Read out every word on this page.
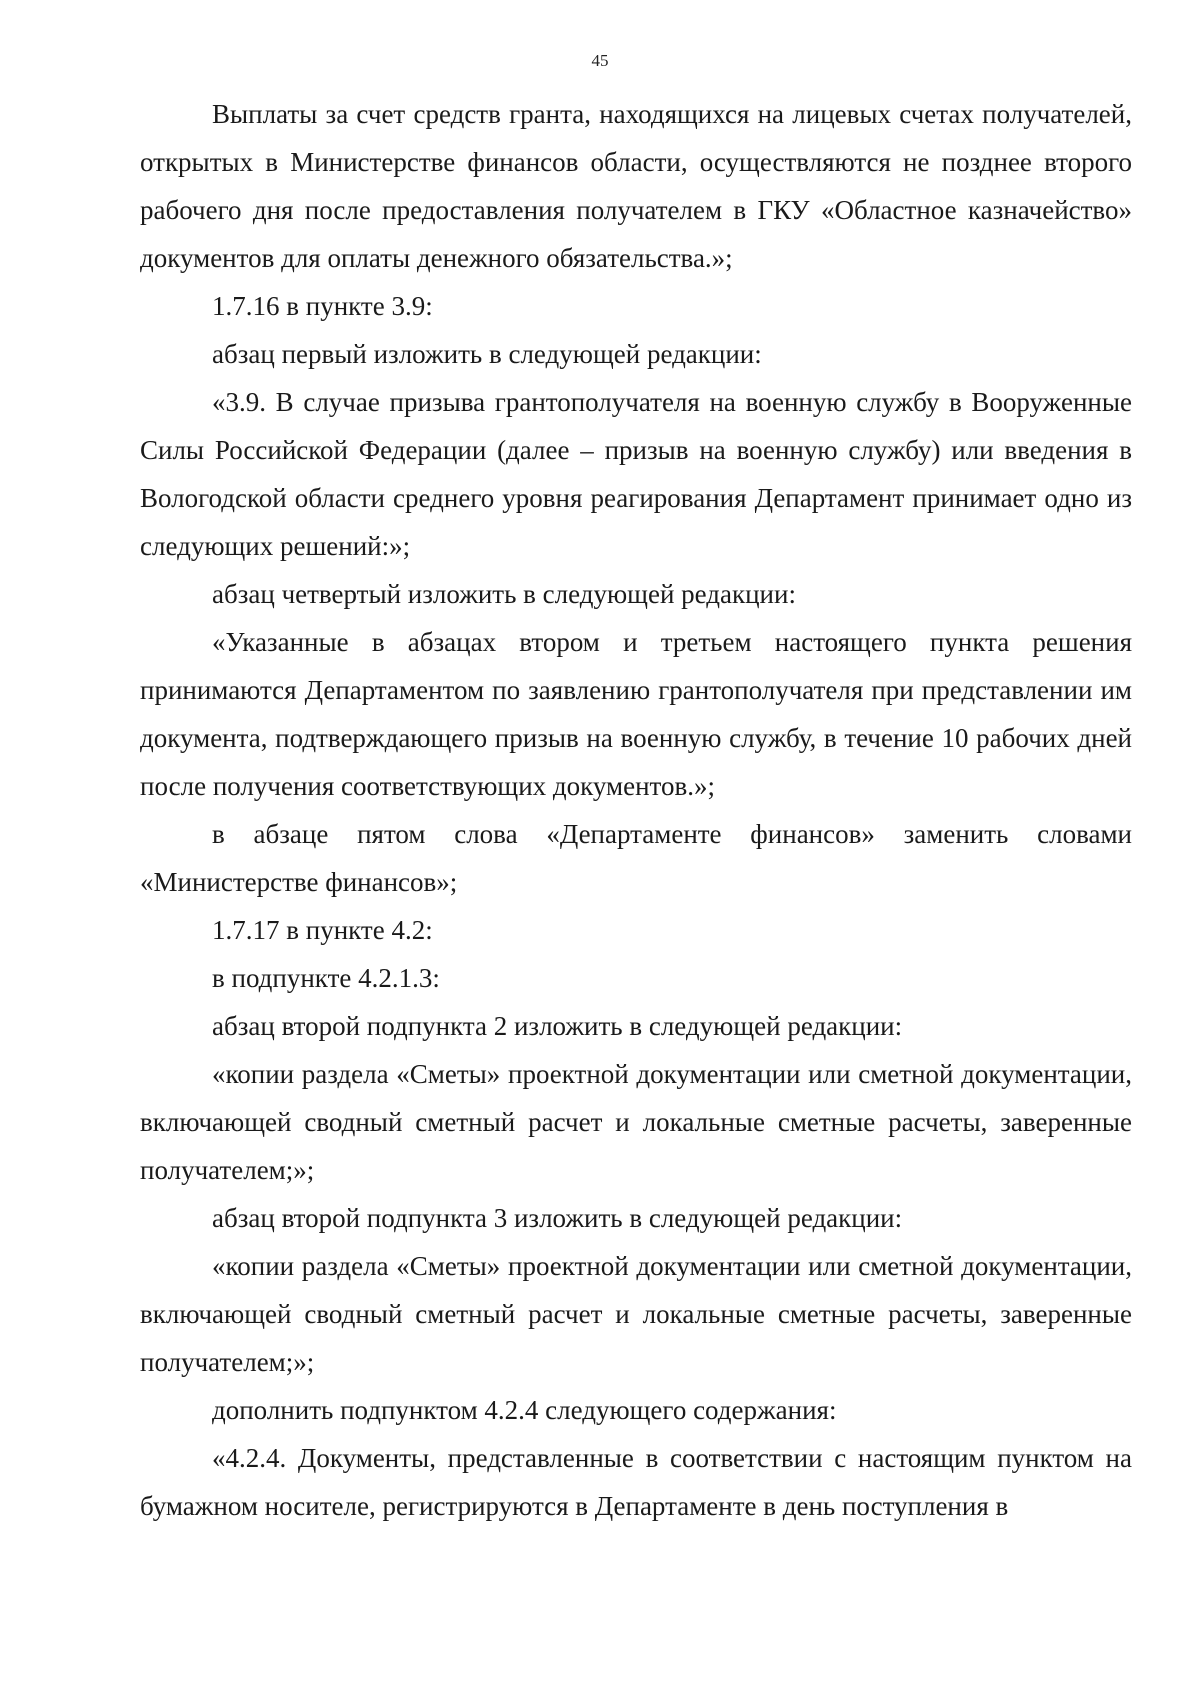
45

Выплаты за счет средств гранта, находящихся на лицевых счетах получателей, открытых в Министерстве финансов области, осуществляются не позднее второго рабочего дня после предоставления получателем в ГКУ «Областное казначейство» документов для оплаты денежного обязательства.»;

1.7.16 в пункте 3.9:

абзац первый изложить в следующей редакции:

«3.9. В случае призыва грантополучателя на военную службу в Вооруженные Силы Российской Федерации (далее – призыв на военную службу) или введения в Вологодской области среднего уровня реагирования Департамент принимает одно из следующих решений:»;

абзац четвертый изложить в следующей редакции:

«Указанные в абзацах втором и третьем настоящего пункта решения принимаются Департаментом по заявлению грантополучателя при представлении им документа, подтверждающего призыв на военную службу, в течение 10 рабочих дней после получения соответствующих документов.»;

в абзаце пятом слова «Департаменте финансов» заменить словами «Министерстве финансов»;

1.7.17 в пункте 4.2:

в подпункте 4.2.1.3:

абзац второй подпункта 2 изложить в следующей редакции:

«копии раздела «Сметы» проектной документации или сметной документации, включающей сводный сметный расчет и локальные сметные расчеты, заверенные получателем;»;

абзац второй подпункта 3 изложить в следующей редакции:

«копии раздела «Сметы» проектной документации или сметной документации, включающей сводный сметный расчет и локальные сметные расчеты, заверенные получателем;»;

дополнить подпунктом 4.2.4 следующего содержания:

«4.2.4. Документы, представленные в соответствии с настоящим пунктом на бумажном носителе, регистрируются в Департаменте в день поступления в
